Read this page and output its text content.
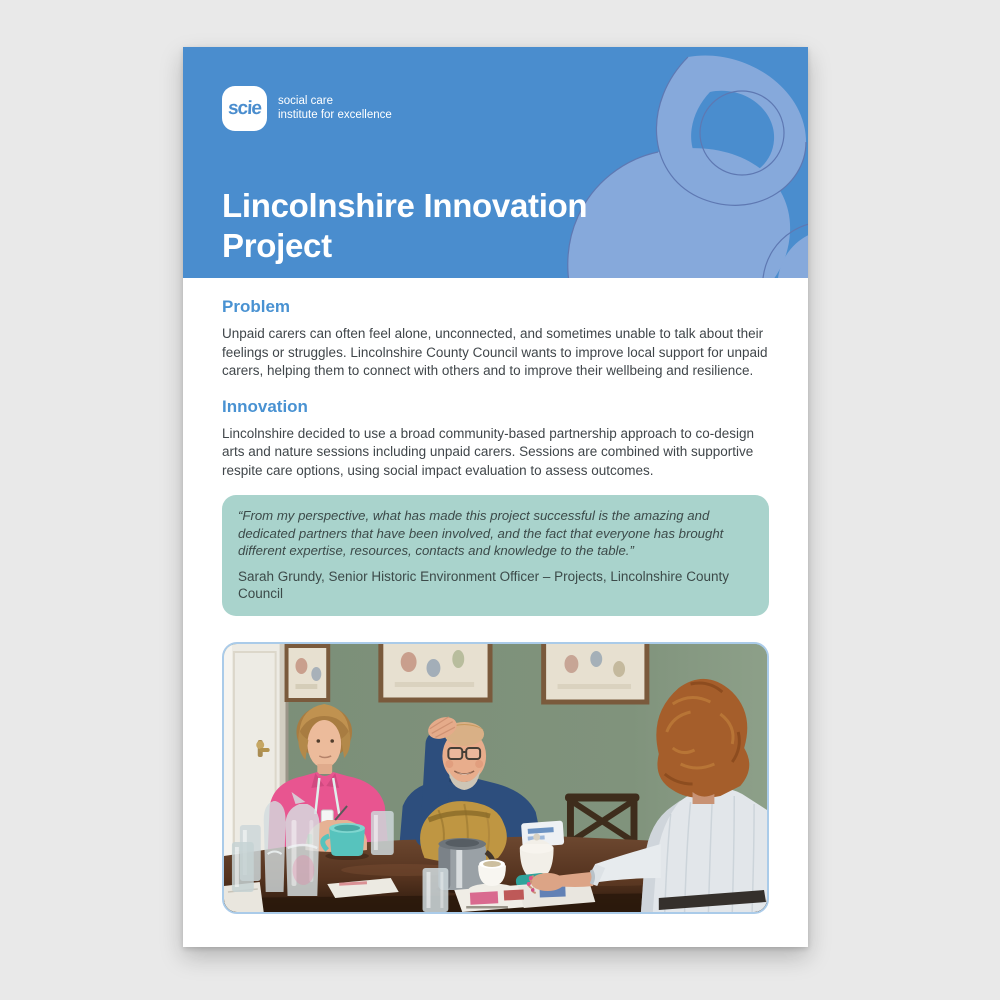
scie social care
institute for excellence
Lincolnshire Innovation
Project
Problem

Unpaid carers can often feel alone, unconnected, and sometimes unable to talk about their feelings or struggles. Lincolnshire County Council wants to improve local support for unpaid carers, helping them to connect with others and to improve their wellbeing and resilience.

Innovation

Lincolnshire decided to use a broad community-based partnership approach to co-design arts and nature sessions including unpaid carers. Sessions are combined with supportive respite care options, using social impact evaluation to assess outcomes.

“From my perspective, what has made this project successful is the amazing and dedicated partners that have been involved, and the fact that everyone has brought different expertise, resources, contacts and knowledge to the table.”

Sarah Grundy, Senior Historic Environment Officer – Projects, Lincolnshire County Council
